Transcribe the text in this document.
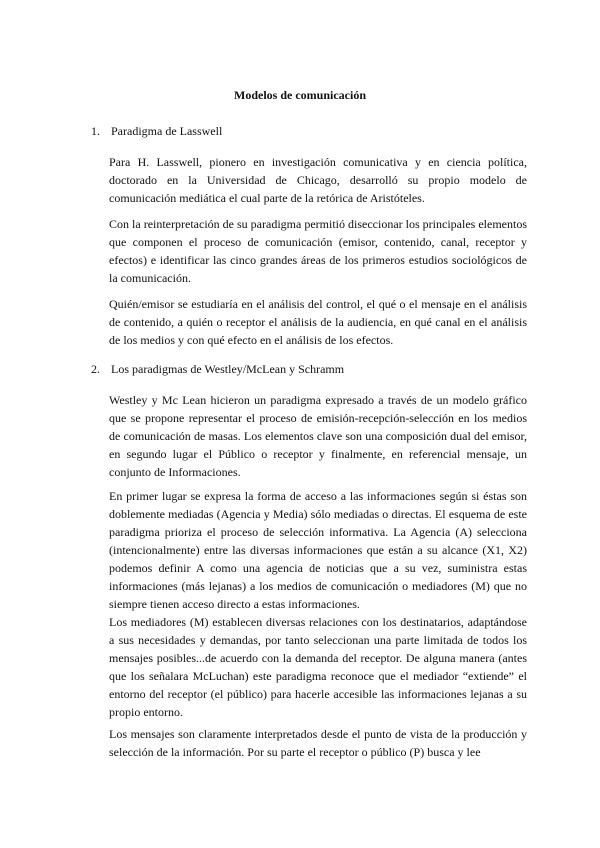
Modelos de comunicación
1. Paradigma de Lasswell

Para H. Lasswell, pionero en investigación comunicativa y en ciencia política, doctorado en la Universidad de Chicago, desarrolló su propio modelo de comunicación mediática el cual parte de la retórica de Aristóteles.

Con la reinterpretación de su paradigma permitió diseccionar los principales elementos que componen el proceso de comunicación (emisor, contenido, canal, receptor y efectos) e identificar las cinco grandes áreas de los primeros estudios sociológicos de la comunicación.

Quién/emisor se estudiaría en el análisis del control, el qué o el mensaje en el análisis de contenido, a quién o receptor el análisis de la audiencia, en qué canal en el análisis de los medios y con qué efecto en el análisis de los efectos.

2. Los paradigmas de Westley/McLean y Schramm

Westley y Mc Lean hicieron un paradigma expresado a través de un modelo gráfico que se propone representar el proceso de emisión-recepción-selección en los medios de comunicación de masas. Los elementos clave son una composición dual del emisor, en segundo lugar el Público o receptor y finalmente, en referencial mensaje, un conjunto de Informaciones.

En primer lugar se expresa la forma de acceso a las informaciones según si éstas son doblemente mediadas (Agencia y Media) sólo mediadas o directas. El esquema de este paradigma prioriza el proceso de selección informativa. La Agencia (A) selecciona (intencionalmente) entre las diversas informaciones que están a su alcance (X1, X2) podemos definir A como una agencia de noticias que a su vez, suministra estas informaciones (más lejanas) a los medios de comunicación o mediadores (M) que no siempre tienen acceso directo a estas informaciones.

Los mediadores (M) establecen diversas relaciones con los destinatarios, adaptándose a sus necesidades y demandas, por tanto seleccionan una parte limitada de todos los mensajes posibles...de acuerdo con la demanda del receptor. De alguna manera (antes que los señalara McLuchan) este paradigma reconoce que el mediador “extiende” el entorno del receptor (el público) para hacerle accesible las informaciones lejanas a su propio entorno.

Los mensajes son claramente interpretados desde el punto de vista de la producción y selección de la información. Por su parte el receptor o público (P) busca y lee
